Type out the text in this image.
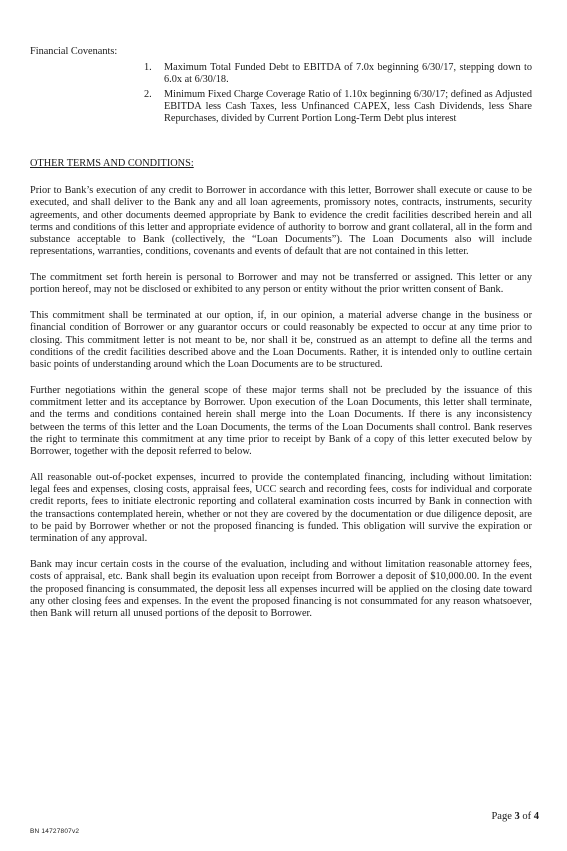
Financial Covenants:
1.	Maximum Total Funded Debt to EBITDA of 7.0x beginning 6/30/17, stepping down to 6.0x at 6/30/18.
2.	Minimum Fixed Charge Coverage Ratio of 1.10x beginning 6/30/17; defined as Adjusted EBITDA less Cash Taxes, less Unfinanced CAPEX, less Cash Dividends, less Share Repurchases, divided by Current Portion Long-Term Debt plus interest
OTHER TERMS AND CONDITIONS:

Prior to Bank’s execution of any credit to Borrower in accordance with this letter, Borrower shall execute or cause to be executed, and shall deliver to the Bank any and all loan agreements, promissory notes, contracts, instruments, security agreements, and other documents deemed appropriate by Bank to evidence the credit facilities described herein and all terms and conditions of this letter and appropriate evidence of authority to borrow and grant collateral, all in the form and substance acceptable to Bank (collectively, the “Loan Documents”). The Loan Documents also will include representations, warranties, conditions, covenants and events of default that are not contained in this letter.

The commitment set forth herein is personal to Borrower and may not be transferred or assigned. This letter or any portion hereof, may not be disclosed or exhibited to any person or entity without the prior written consent of Bank.

This commitment shall be terminated at our option, if, in our opinion, a material adverse change in the business or financial condition of Borrower or any guarantor occurs or could reasonably be expected to occur at any time prior to closing. This commitment letter is not meant to be, nor shall it be, construed as an attempt to define all the terms and conditions of the credit facilities described above and the Loan Documents. Rather, it is intended only to outline certain basic points of understanding around which the Loan Documents are to be structured.

Further negotiations within the general scope of these major terms shall not be precluded by the issuance of this commitment letter and its acceptance by Borrower. Upon execution of the Loan Documents, this letter shall terminate, and the terms and conditions contained herein shall merge into the Loan Documents. If there is any inconsistency between the terms of this letter and the Loan Documents, the terms of the Loan Documents shall control. Bank reserves the right to terminate this commitment at any time prior to receipt by Bank of a copy of this letter executed below by Borrower, together with the deposit referred to below.

All reasonable out-of-pocket expenses, incurred to provide the contemplated financing, including without limitation: legal fees and expenses, closing costs, appraisal fees, UCC search and recording fees, costs for individual and corporate credit reports, fees to initiate electronic reporting and collateral examination costs incurred by Bank in connection with the transactions contemplated herein, whether or not they are covered by the documentation or due diligence deposit, are to be paid by Borrower whether or not the proposed financing is funded. This obligation will survive the expiration or termination of any approval.

Bank may incur certain costs in the course of the evaluation, including and without limitation reasonable attorney fees, costs of appraisal, etc. Bank shall begin its evaluation upon receipt from Borrower a deposit of $10,000.00. In the event the proposed financing is consummated, the deposit less all expenses incurred will be applied on the closing date toward any other closing fees and expenses. In the event the proposed financing is not consummated for any reason whatsoever, then Bank will return all unused portions of the deposit to Borrower.

Page 3 of 4
BN 14727807v2
